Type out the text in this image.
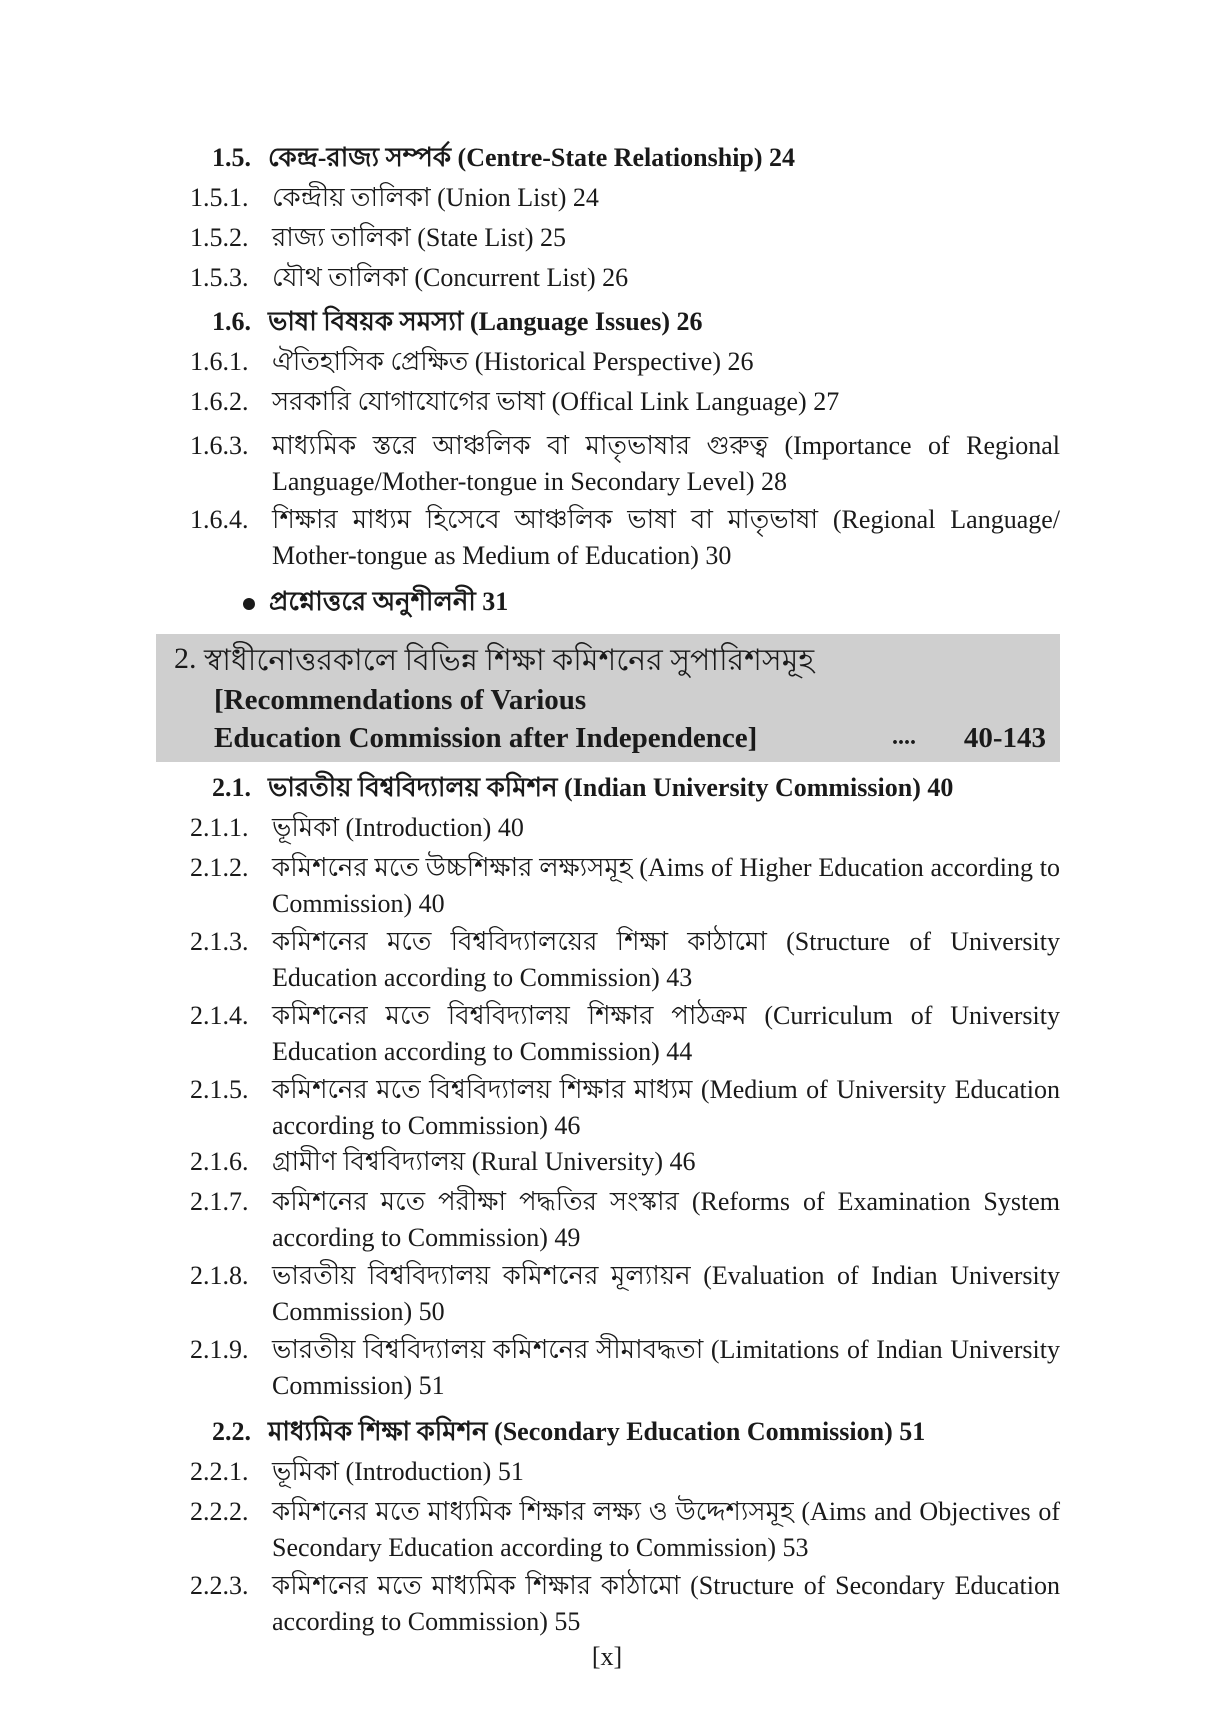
1.5. কেন্দ্র-রাজ্য সম্পর্ক (Centre-State Relationship) 24
1.5.1. কেন্দ্রীয় তালিকা (Union List) 24
1.5.2. রাজ্য তালিকা (State List) 25
1.5.3. যৌথ তালিকা (Concurrent List) 26
1.6. ভাষা বিষয়ক সমস্যা (Language Issues) 26
1.6.1. ঐতিহাসিক প্রেক্ষিত (Historical Perspective) 26
1.6.2. সরকারি যোগাযোগের ভাষা (Offical Link Language) 27
1.6.3. মাধ্যমিক স্তরে আঞ্চলিক বা মাতৃভাষার গুরুত্ব (Importance of Regional Language/Mother-tongue in Secondary Level) 28
1.6.4. শিক্ষার মাধ্যম হিসেবে আঞ্চলিক ভাষা বা মাতৃভাষা (Regional Language/ Mother-tongue as Medium of Education) 30
প্রশ্নোত্তরে অনুশীলনী 31
2. স্বাধীনোত্তরকালে বিভিন্ন শিক্ষা কমিশনের সুপারিশসমূহ
[Recommendations of Various
Education Commission after Independence]	.... 40-143
2.1. ভারতীয় বিশ্ববিদ্যালয় কমিশন (Indian University Commission) 40
2.1.1. ভূমিকা (Introduction) 40
2.1.2. কমিশনের মতে উচ্চশিক্ষার লক্ষ্যসমূহ (Aims of Higher Education according to Commission) 40
2.1.3. কমিশনের মতে বিশ্ববিদ্যালয়ের শিক্ষা কাঠামো (Structure of University Education according to Commission) 43
2.1.4. কমিশনের মতে বিশ্ববিদ্যালয় শিক্ষার পাঠক্রম (Curriculum of University Education according to Commission) 44
2.1.5. কমিশনের মতে বিশ্ববিদ্যালয় শিক্ষার মাধ্যম (Medium of University Education according to Commission) 46
2.1.6. গ্রামীণ বিশ্ববিদ্যালয় (Rural University) 46
2.1.7. কমিশনের মতে পরীক্ষা পদ্ধতির সংস্কার (Reforms of Examination System according to Commission) 49
2.1.8. ভারতীয় বিশ্ববিদ্যালয় কমিশনের মূল্যায়ন (Evaluation of Indian University Commission) 50
2.1.9. ভারতীয় বিশ্ববিদ্যালয় কমিশনের সীমাবদ্ধতা (Limitations of Indian University Commission) 51
2.2. মাধ্যমিক শিক্ষা কমিশন (Secondary Education Commission) 51
2.2.1. ভূমিকা (Introduction) 51
2.2.2. কমিশনের মতে মাধ্যমিক শিক্ষার লক্ষ্য ও উদ্দেশ্যসমূহ (Aims and Objectives of Secondary Education according to Commission) 53
2.2.3. কমিশনের মতে মাধ্যমিক শিক্ষার কাঠামো (Structure of Secondary Education according to Commission) 55
[x]
